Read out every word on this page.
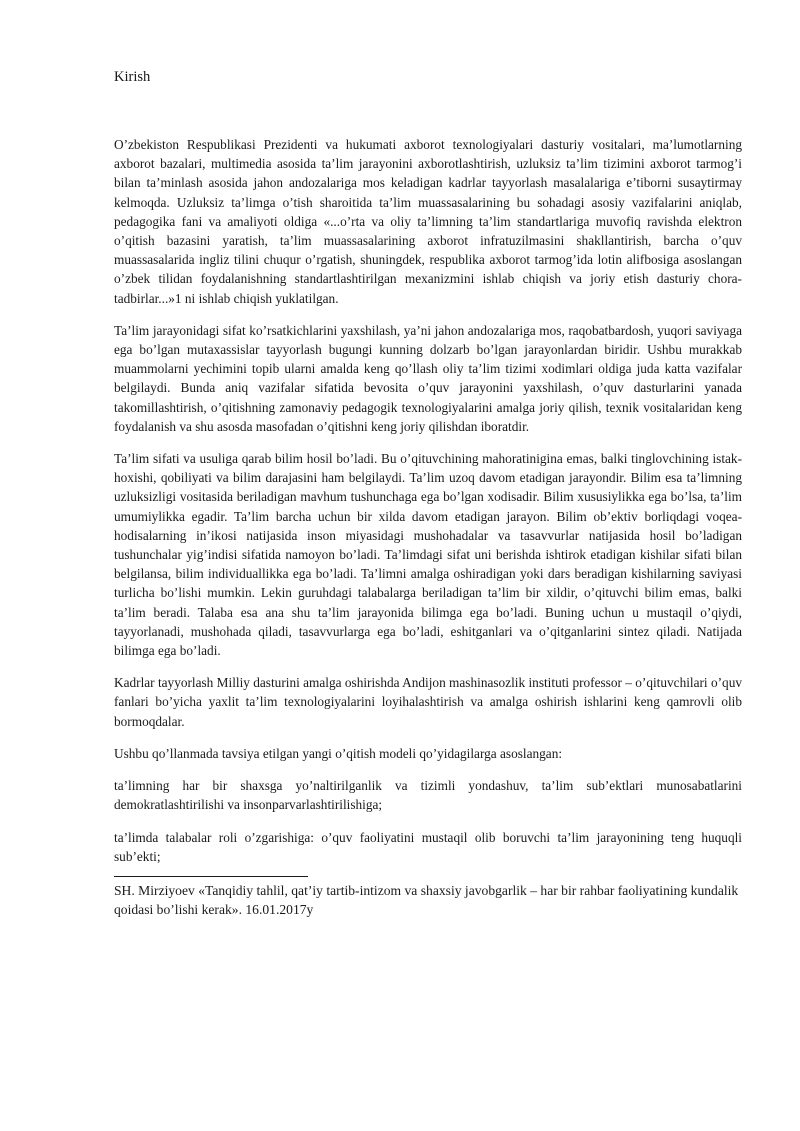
Kirish

O’zbekiston Respublikasi Prezidenti va hukumati axborot texnologiyalari dasturiy vositalari, ma’lumotlarning axborot bazalari, multimedia asosida ta’lim jarayonini axborotlashtirish, uzluksiz ta’lim tizimini axborot tarmog’i bilan ta’minlash asosida jahon andozalariga mos keladigan kadrlar tayyorlash masalalariga e’tiborni susaytirmay kelmoqda. Uzluksiz ta’limga o’tish sharoitida ta’lim muassasalarining bu sohadagi asosiy vazifalarini aniqlab, pedagogika fani va amaliyoti oldiga «...o’rta va oliy ta’limning ta’lim standartlariga muvofiq ravishda elektron o’qitish bazasini yaratish, ta’lim muassasalarining axborot infratuzilmasini shakllantirish, barcha o’quv muassasalarida ingliz tilini chuqur o’rgatish, shuningdek, respublika axborot tarmog’ida lotin alifbosiga asoslangan o’zbek tilidan foydalanishning standartlashtirilgan mexanizmini ishlab chiqish va joriy etish dasturiy chora-tadbirlar...»1 ni ishlab chiqish yuklatilgan.

Ta’lim jarayonidagi sifat ko’rsatkichlarini yaxshilash, ya’ni jahon andozalariga mos, raqobatbardosh, yuqori saviyaga ega bo’lgan mutaxassislar tayyorlash bugungi kunning dolzarb bo’lgan jarayonlardan biridir. Ushbu murakkab muammolarni yechimini topib ularni amalda keng qo’llash oliy ta’lim tizimi xodimlari oldiga juda katta vazifalar belgilaydi. Bunda aniq vazifalar sifatida bevosita o’quv jarayonini yaxshilash, o’quv dasturlarini yanada takomillashtirish, o’qitishning zamonaviy pedagogik texnologiyalarini amalga joriy qilish, texnik vositalaridan keng foydalanish va shu asosda masofadan o’qitishni keng joriy qilishdan iboratdir.

Ta’lim sifati va usuliga qarab bilim hosil bo’ladi. Bu o’qituvchining mahoratinigina emas, balki tinglovchining istak-hoxishi, qobiliyati va bilim darajasini ham belgilaydi. Ta’lim uzoq davom etadigan jarayondir. Bilim esa ta’limning uzluksizligi vositasida beriladigan mavhum tushunchaga ega bo’lgan xodisadir. Bilim xususiylikka ega bo’lsa, ta’lim umumiylikka egadir. Ta’lim barcha uchun bir xilda davom etadigan jarayon. Bilim ob’ektiv borliqdagi voqea-hodisalarning in’ikosi natijasida inson miyasidagi mushohadalar va tasavvurlar natijasida hosil bo’ladigan tushunchalar yig’indisi sifatida namoyon bo’ladi. Ta’limdagi sifat uni berishda ishtirok etadigan kishilar sifati bilan belgilansa, bilim individuallikka ega bo’ladi. Ta’limni amalga oshiradigan yoki dars beradigan kishilarning saviyasi turlicha bo’lishi mumkin. Lekin guruhdagi talabalarga beriladigan ta’lim bir xildir, o’qituvchi bilim emas, balki ta’lim beradi. Talaba esa ana shu ta’lim jarayonida bilimga ega bo’ladi. Buning uchun u mustaqil o’qiydi, tayyorlanadi, mushohada qiladi, tasavvurlarga ega bo’ladi, eshitganlari va o’qitganlarini sintez qiladi. Natijada bilimga ega bo’ladi.

Kadrlar tayyorlash Milliy dasturini amalga oshirishda Andijon mashinasozlik instituti professor – o’qituvchilari o’quv fanlari bo’yicha yaxlit ta’lim texnologiyalarini loyihalashtirish va amalga oshirish ishlarini keng qamrovli olib bormoqdalar.

Ushbu qo’llanmada tavsiya etilgan yangi o’qitish modeli qo’yidagilarga asoslangan:

ta’limning har bir shaxsga yo’naltirilganlik va tizimli yondashuv, ta’lim sub’ektlari munosabatlarini demokratlashtirilishi va insonparvarlashtirilishiga;

ta’limda talabalar roli o’zgarishiga: o’quv faoliyatini mustaqil olib boruvchi ta’lim jarayonining teng huquqli sub’ekti;

SH. Mirziyoev «Tanqidiy tahlil, qat’iy tartib-intizom va shaxsiy javobgarlik – har bir rahbar faoliyatining kundalik qoidasi bo’lishi kerak». 16.01.2017y
